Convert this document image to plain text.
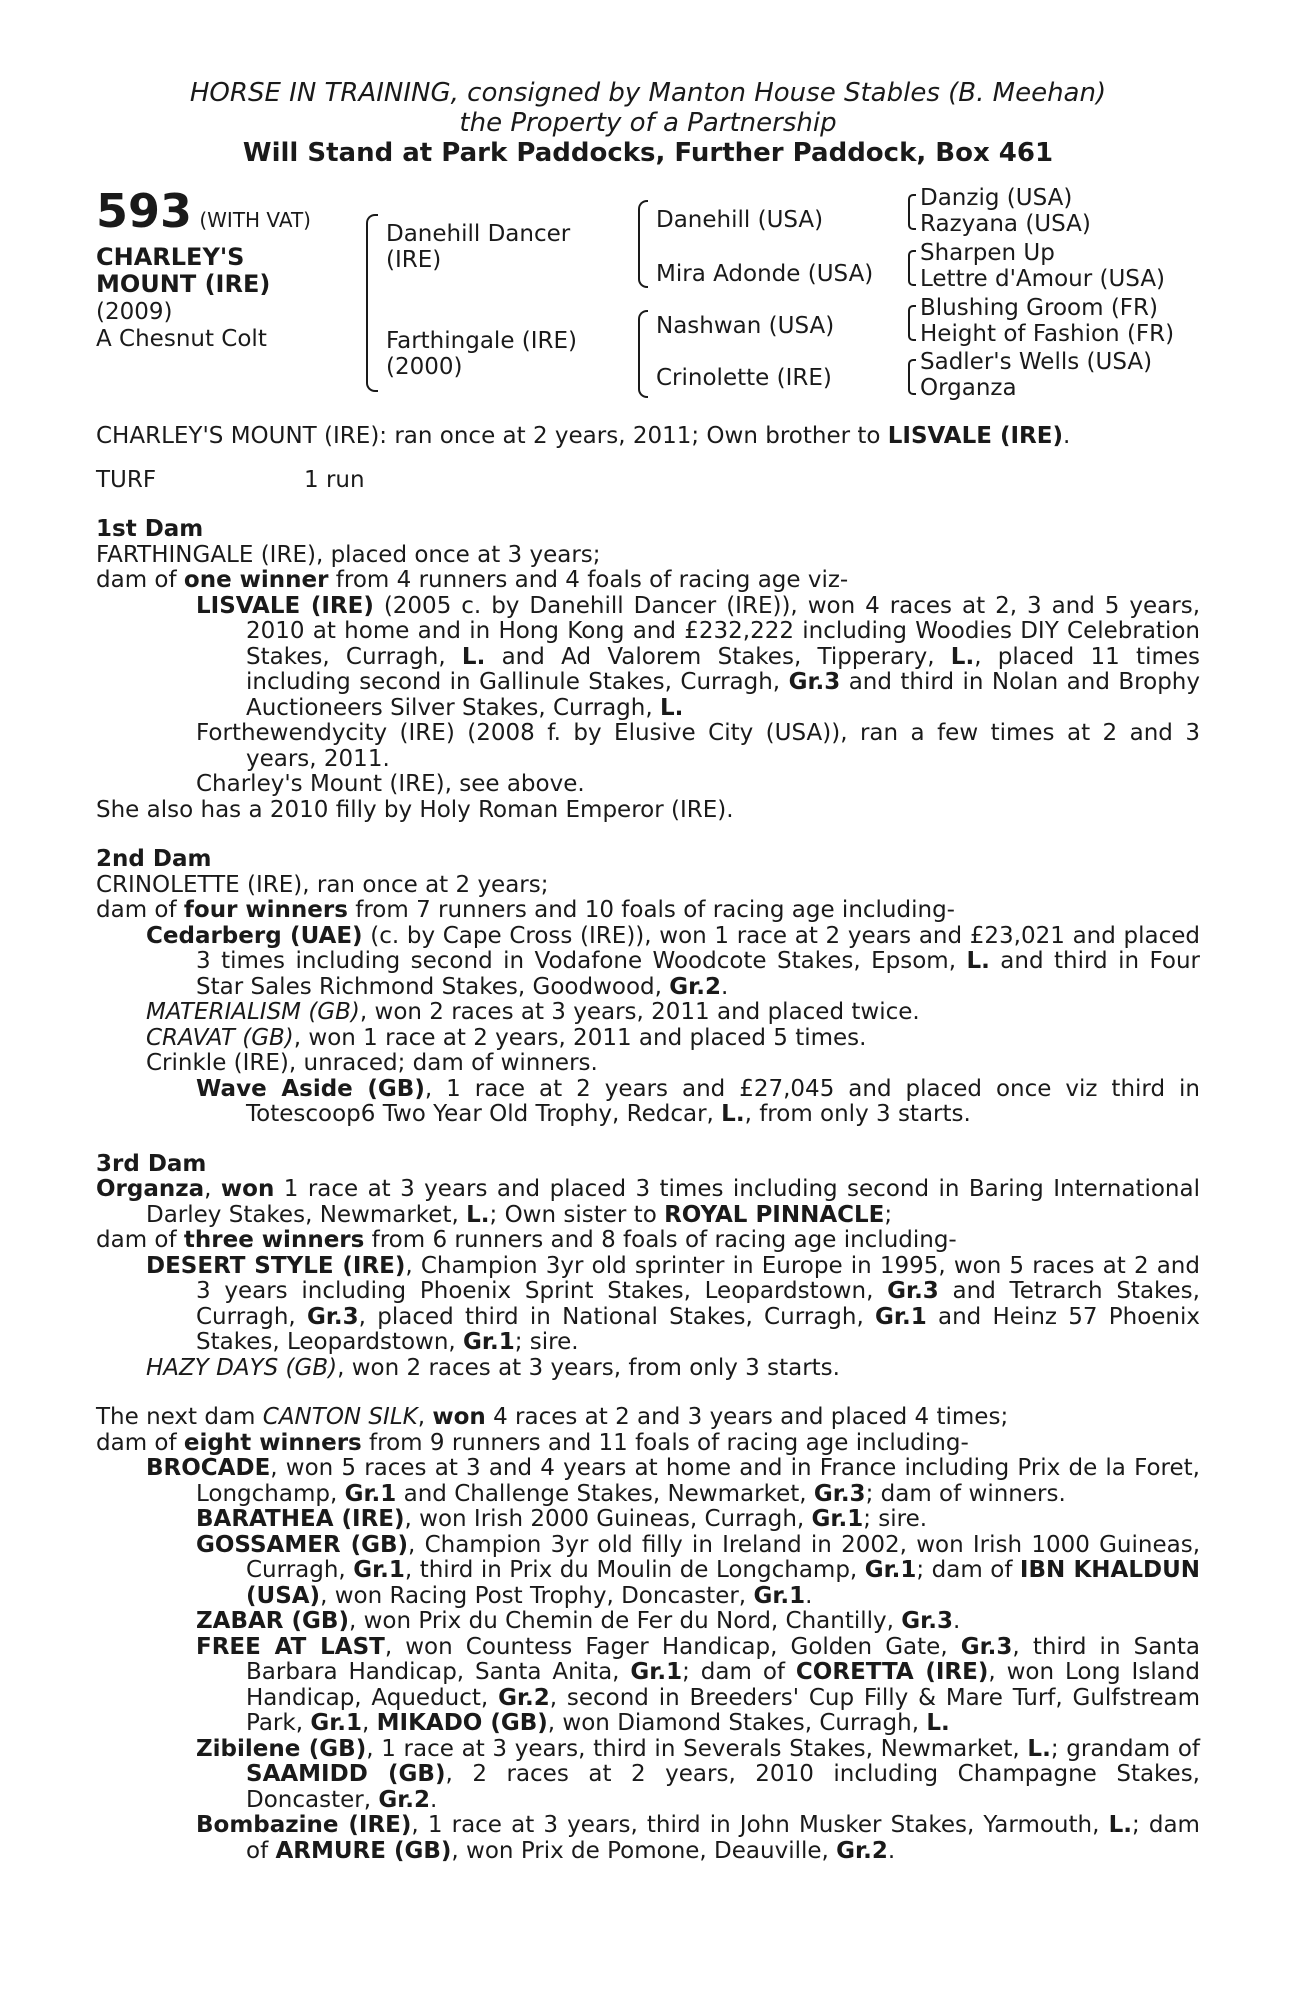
HORSE IN TRAINING, consigned by Manton House Stables (B. Meehan)
the Property of a Partnership
Will Stand at Park Paddocks, Further Paddock, Box 461
593 (WITH VAT)
CHARLEY'S
MOUNT (IRE)
(2009)
A Chesnut Colt
Danehill Dancer
(IRE)
Farthingale (IRE)
(2000)
Danehill (USA)
Mira Adonde (USA)
Nashwan (USA)
Crinolette (IRE)
Danzig (USA)
Razyana (USA)
Sharpen Up
Lettre d'Amour (USA)
Blushing Groom (FR)
Height of Fashion (FR)
Sadler's Wells (USA)
Organza

CHARLEY'S MOUNT (IRE): ran once at 2 years, 2011; Own brother to LISVALE (IRE).

TURF	1 run

1st Dam

FARTHINGALE (IRE), placed once at 3 years;

dam of one winner from 4 runners and 4 foals of racing age viz-

LISVALE (IRE) (2005 c. by Danehill Dancer (IRE)), won 4 races at 2, 3 and 5 years, 2010 at home and in Hong Kong and £232,222 including Woodies DIY Celebration Stakes, Curragh, L. and Ad Valorem Stakes, Tipperary, L., placed 11 times including second in Gallinule Stakes, Curragh, Gr.3 and third in Nolan and Brophy Auctioneers Silver Stakes, Curragh, L.

Forthewendycity (IRE) (2008 f. by Elusive City (USA)), ran a few times at 2 and 3 years, 2011.

Charley's Mount (IRE), see above.

She also has a 2010 filly by Holy Roman Emperor (IRE).

2nd Dam

CRINOLETTE (IRE), ran once at 2 years;

dam of four winners from 7 runners and 10 foals of racing age including-

Cedarberg (UAE) (c. by Cape Cross (IRE)), won 1 race at 2 years and £23,021 and placed 3 times including second in Vodafone Woodcote Stakes, Epsom, L. and third in Four Star Sales Richmond Stakes, Goodwood, Gr.2.

MATERIALISM (GB), won 2 races at 3 years, 2011 and placed twice.

CRAVAT (GB), won 1 race at 2 years, 2011 and placed 5 times.

Crinkle (IRE), unraced; dam of winners.

Wave Aside (GB), 1 race at 2 years and £27,045 and placed once viz third in Totescoop6 Two Year Old Trophy, Redcar, L., from only 3 starts.

3rd Dam

Organza, won 1 race at 3 years and placed 3 times including second in Baring International Darley Stakes, Newmarket, L.; Own sister to ROYAL PINNACLE;

dam of three winners from 6 runners and 8 foals of racing age including-

DESERT STYLE (IRE), Champion 3yr old sprinter in Europe in 1995, won 5 races at 2 and 3 years including Phoenix Sprint Stakes, Leopardstown, Gr.3 and Tetrarch Stakes, Curragh, Gr.3, placed third in National Stakes, Curragh, Gr.1 and Heinz 57 Phoenix Stakes, Leopardstown, Gr.1; sire.

HAZY DAYS (GB), won 2 races at 3 years, from only 3 starts.

The next dam CANTON SILK, won 4 races at 2 and 3 years and placed 4 times;

dam of eight winners from 9 runners and 11 foals of racing age including-

BROCADE, won 5 races at 3 and 4 years at home and in France including Prix de la Foret, Longchamp, Gr.1 and Challenge Stakes, Newmarket, Gr.3; dam of winners.

BARATHEA (IRE), won Irish 2000 Guineas, Curragh, Gr.1; sire.

GOSSAMER (GB), Champion 3yr old filly in Ireland in 2002, won Irish 1000 Guineas, Curragh, Gr.1, third in Prix du Moulin de Longchamp, Gr.1; dam of IBN KHALDUN (USA), won Racing Post Trophy, Doncaster, Gr.1.

ZABAR (GB), won Prix du Chemin de Fer du Nord, Chantilly, Gr.3.

FREE AT LAST, won Countess Fager Handicap, Golden Gate, Gr.3, third in Santa Barbara Handicap, Santa Anita, Gr.1; dam of CORETTA (IRE), won Long Island Handicap, Aqueduct, Gr.2, second in Breeders' Cup Filly & Mare Turf, Gulfstream Park, Gr.1, MIKADO (GB), won Diamond Stakes, Curragh, L.

Zibilene (GB), 1 race at 3 years, third in Severals Stakes, Newmarket, L.; grandam of SAAMIDD (GB), 2 races at 2 years, 2010 including Champagne Stakes, Doncaster, Gr.2.

Bombazine (IRE), 1 race at 3 years, third in John Musker Stakes, Yarmouth, L.; dam of ARMURE (GB), won Prix de Pomone, Deauville, Gr.2.
